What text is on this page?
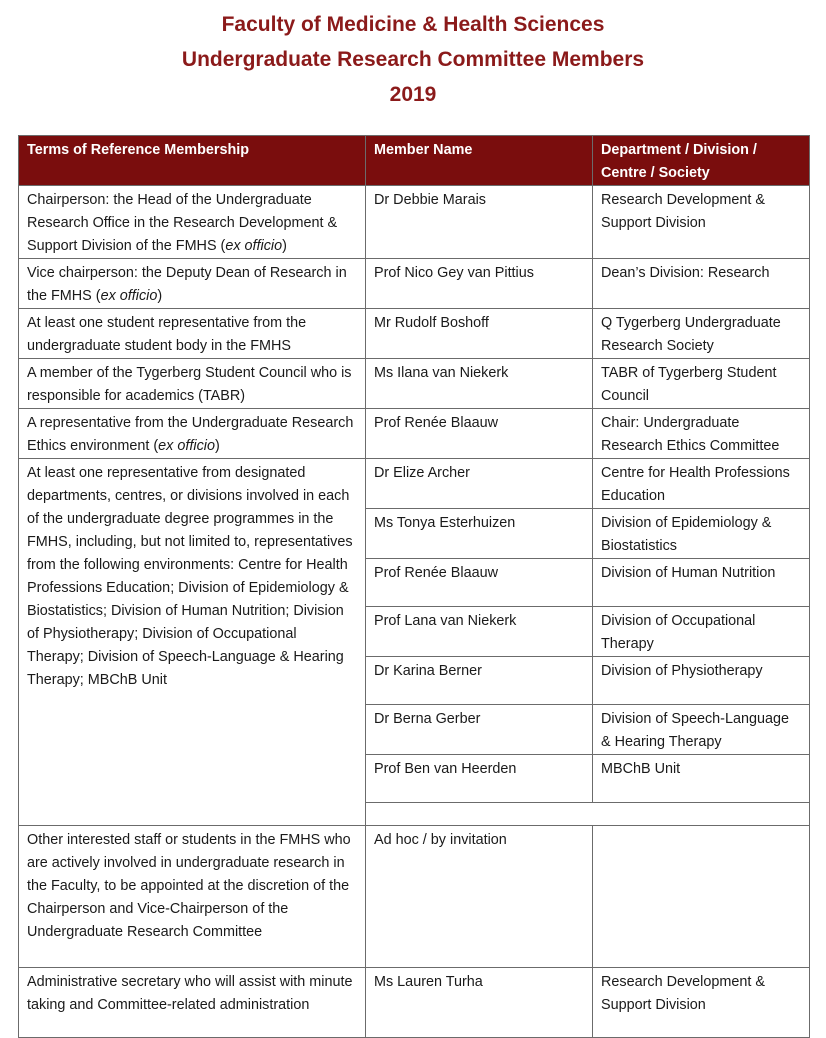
Faculty of Medicine & Health Sciences
Undergraduate Research Committee Members
2019
Terms of Reference Membership	Member Name	Department / Division / Centre / Society
Chairperson: the Head of the Undergraduate Research Office in the Research Development & Support Division of the FMHS (ex officio)	Dr Debbie Marais	Research Development & Support Division
Vice chairperson: the Deputy Dean of Research in the FMHS (ex officio)	Prof Nico Gey van Pittius	Dean’s Division: Research
At least one student representative from the undergraduate student body in the FMHS	Mr Rudolf Boshoff	Q Tygerberg Undergraduate Research Society
A member of the Tygerberg Student Council who is responsible for academics (TABR)	Ms Ilana van Niekerk	TABR of Tygerberg Student Council
A representative from the Undergraduate Research Ethics environment (ex officio)	Prof Renée Blaauw	Chair: Undergraduate Research Ethics Committee
At least one representative from designated departments, centres, or divisions involved in each of the undergraduate degree programmes in the FMHS, including, but not limited to, representatives from the following environments: Centre for Health Professions Education; Division of Epidemiology & Biostatistics; Division of Human Nutrition; Division of Physiotherapy; Division of Occupational Therapy; Division of Speech-Language & Hearing Therapy; MBChB Unit	Dr Elize Archer	Centre for Health Professions Education
	Ms Tonya Esterhuizen	Division of Epidemiology & Biostatistics
	Prof Renée Blaauw	Division of Human Nutrition
	Prof Lana van Niekerk	Division of Occupational Therapy
	Dr Karina Berner	Division of Physiotherapy
	Dr Berna Gerber	Division of Speech-Language & Hearing Therapy
	Prof Ben van Heerden	MBChB Unit

Other interested staff or students in the FMHS who are actively involved in undergraduate research in the Faculty, to be appointed at the discretion of the Chairperson and Vice-Chairperson of the Undergraduate Research Committee	Ad hoc / by invitation	
Administrative secretary who will assist with minute taking and Committee-related administration	Ms Lauren Turha	Research Development & Support Division
